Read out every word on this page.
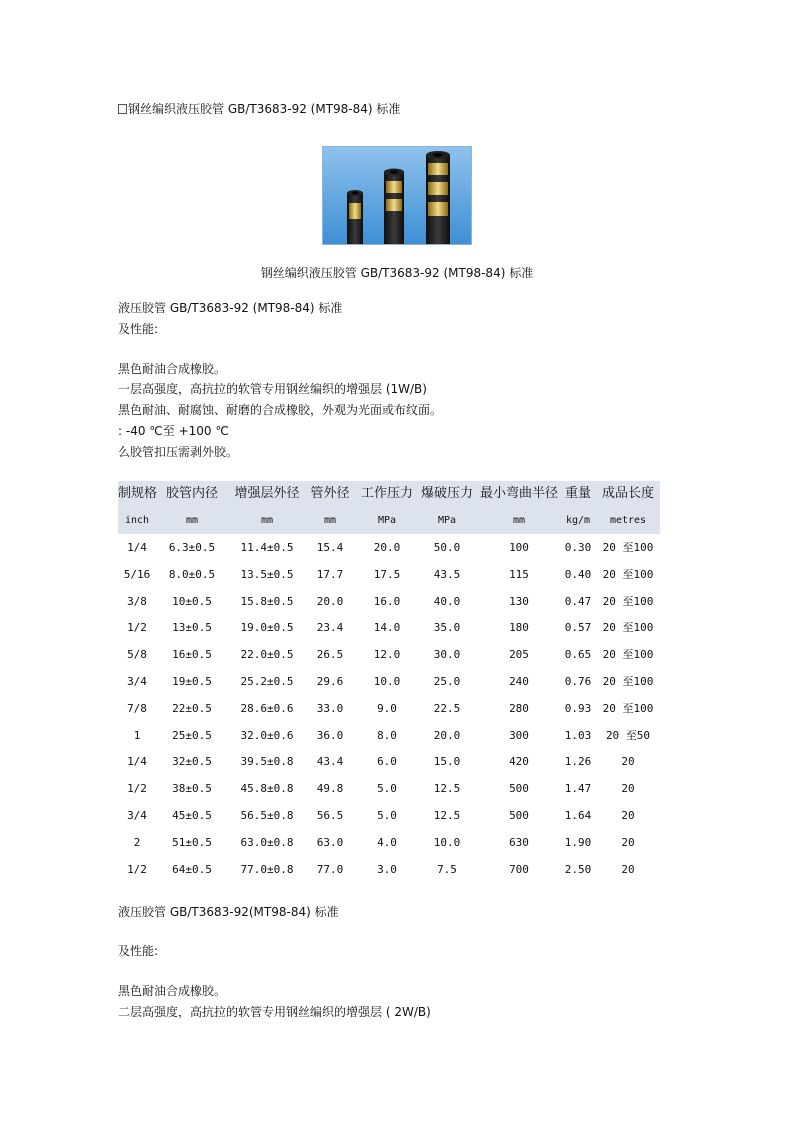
钢丝编织液压胶管 GB/T3683-92 (MT98-84) 标准
钢丝编织液压胶管 GB/T3683-92 (MT98-84) 标准
液压胶管 GB/T3683-92 (MT98-84) 标准
及性能:
黑色耐油合成橡胶。
一层高强度，高抗拉的软管专用钢丝编织的增强层 (1W/B)
黑色耐油、耐腐蚀、耐磨的合成橡胶，外观为光面或布纹面。
: -40 ℃至 +100 ℃
么胶管扣压需剥外胶。
制规格 胶管内径	增强层外径 管外径 工作压力 爆破压力 最小弯曲半径 重量 成品长度
inch	mm	mm	mm	MPa	MPa	mm	kg/m	metres
1/4	6.3±0.5	11.4±0.5	15.4	20.0	50.0	100	0.30	20 至100
5/16	8.0±0.5	13.5±0.5	17.7	17.5	43.5	115	0.40	20 至100
3/8	10±0.5	15.8±0.5	20.0	16.0	40.0	130	0.47	20 至100
1/2	13±0.5	19.0±0.5	23.4	14.0	35.0	180	0.57	20 至100
5/8	16±0.5	22.0±0.5	26.5	12.0	30.0	205	0.65	20 至100
3/4	19±0.5	25.2±0.5	29.6	10.0	25.0	240	0.76	20 至100
7/8	22±0.5	28.6±0.6	33.0	9.0	22.5	280	0.93	20 至100
1	25±0.5	32.0±0.6	36.0	8.0	20.0	300	1.03	20 至50
1/4	32±0.5	39.5±0.8	43.4	6.0	15.0	420	1.26	20
1/2	38±0.5	45.8±0.8	49.8	5.0	12.5	500	1.47	20
3/4	45±0.5	56.5±0.8	56.5	5.0	12.5	500	1.64	20
2	51±0.5	63.0±0.8	63.0	4.0	10.0	630	1.90	20
1/2	64±0.5	77.0±0.8	77.0	3.0	7.5	700	2.50	20
液压胶管 GB/T3683-92(MT98-84) 标准
及性能:
黑色耐油合成橡胶。
二层高强度，高抗拉的软管专用钢丝编织的增强层 ( 2W/B)
